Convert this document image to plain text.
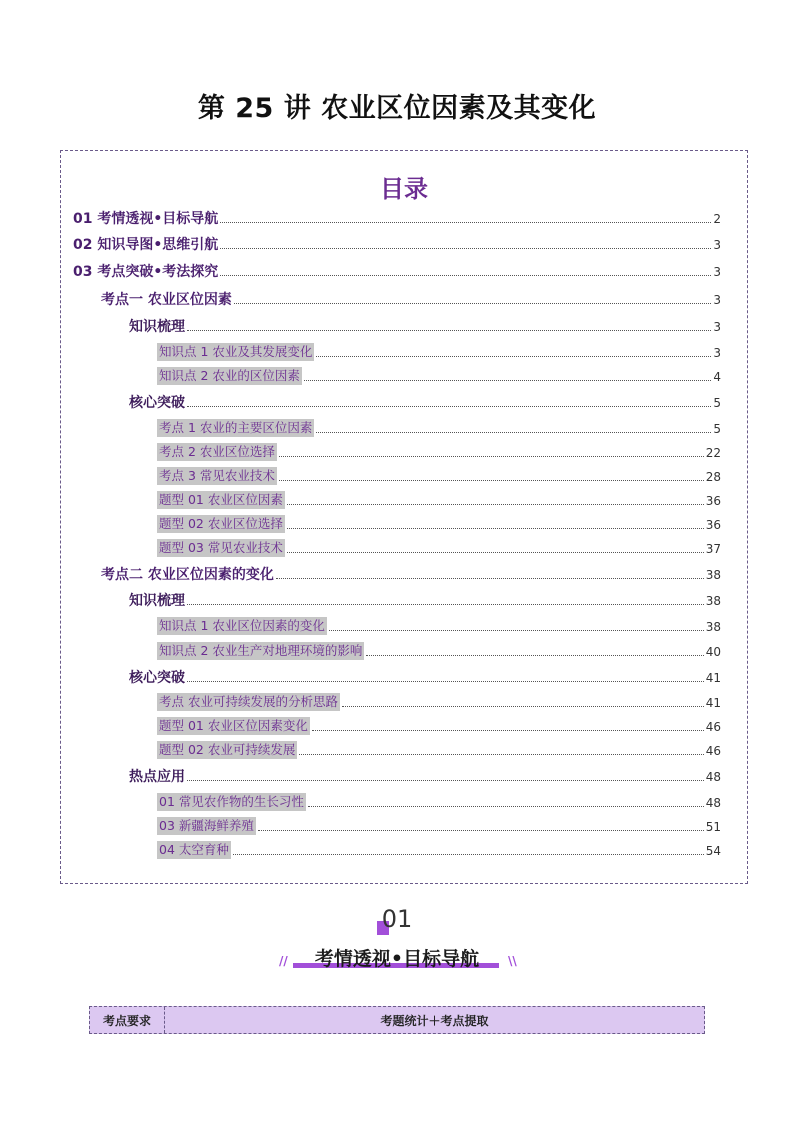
第 25 讲 农业区位因素及其变化
目录
01 考情透视•目标导航	2
02 知识导图•思维引航	3
03 考点突破•考法探究	3
考点一 农业区位因素	3
知识梳理	3
知识点 1 农业及其发展变化	3
知识点 2 农业的区位因素	4
核心突破	5
考点 1 农业的主要区位因素	5
考点 2 农业区位选择	22
考点 3 常见农业技术	28
题型 01 农业区位因素	36
题型 02 农业区位选择	36
题型 03 常见农业技术	37
考点二 农业区位因素的变化	38
知识梳理	38
知识点 1 农业区位因素的变化	38
知识点 2 农业生产对地理环境的影响	40
核心突破	41
考点 农业可持续发展的分析思路	41
题型 01 农业区位因素变化	46
题型 02 农业可持续发展	46
热点应用	48
01 常见农作物的生长习性	48
03 新疆海鲜养殖	51
04 太空育种	54
01
//	考情透视•目标导航	\\
考点要求	考题统计＋考点提取
